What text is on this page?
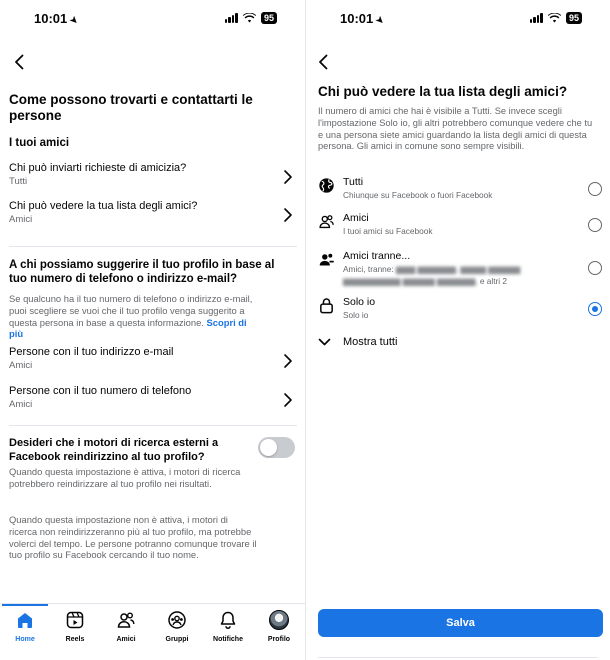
10:01➤	95
Come possono trovarti e contattarti le persone
I tuoi amici
Chi può inviarti richieste di amicizia?
Tutti
Chi può vedere la tua lista degli amici?
Amici
A chi possiamo suggerire il tuo profilo in base al tuo numero di telefono o indirizzo e-mail?
Se qualcuno ha il tuo numero di telefono o indirizzo e-mail, puoi scegliere se vuoi che il tuo profilo venga suggerito a questa persona in base a questa informazione. Scopri di più
Persone con il tuo indirizzo e-mail
Amici
Persone con il tuo numero di telefono
Amici
Desideri che i motori di ricerca esterni a Facebook reindirizzino al tuo profilo?
Quando questa impostazione è attiva, i motori di ricerca potrebbero reindirizzare al tuo profilo nei risultati.
Quando questa impostazione non è attiva, i motori di ricerca non reindirizzeranno più al tuo profilo, ma potrebbe volerci del tempo. Le persone potranno comunque trovare il tuo profilo su Facebook cercando il tuo nome.
Home	Reels	Amici	Gruppi	Notifiche	Profilo
10:01➤	95
Chi può vedere la tua lista degli amici?
Il numero di amici che hai è visibile a Tutti. Se invece scegli l'impostazione Solo io, gli altri potrebbero comunque vedere che tu e una persona siete amici guardando la lista degli amici di questa persona. Gli amici in comune sono sempre visibili.
Tutti
Chiunque su Facebook o fuori Facebook
Amici
I tuoi amici su Facebook
Amici tranne...
Amici, tranne: ▆▆▆ ▆▆▆▆▆▆, ▆▆▆▆ ▆▆▆▆▆ ▆▆▆▆▆▆▆▆▆ ▆▆▆▆▆ ▆▆▆▆▆▆, e altri 2
Solo io
Solo io
Mostra tutti
Salva
